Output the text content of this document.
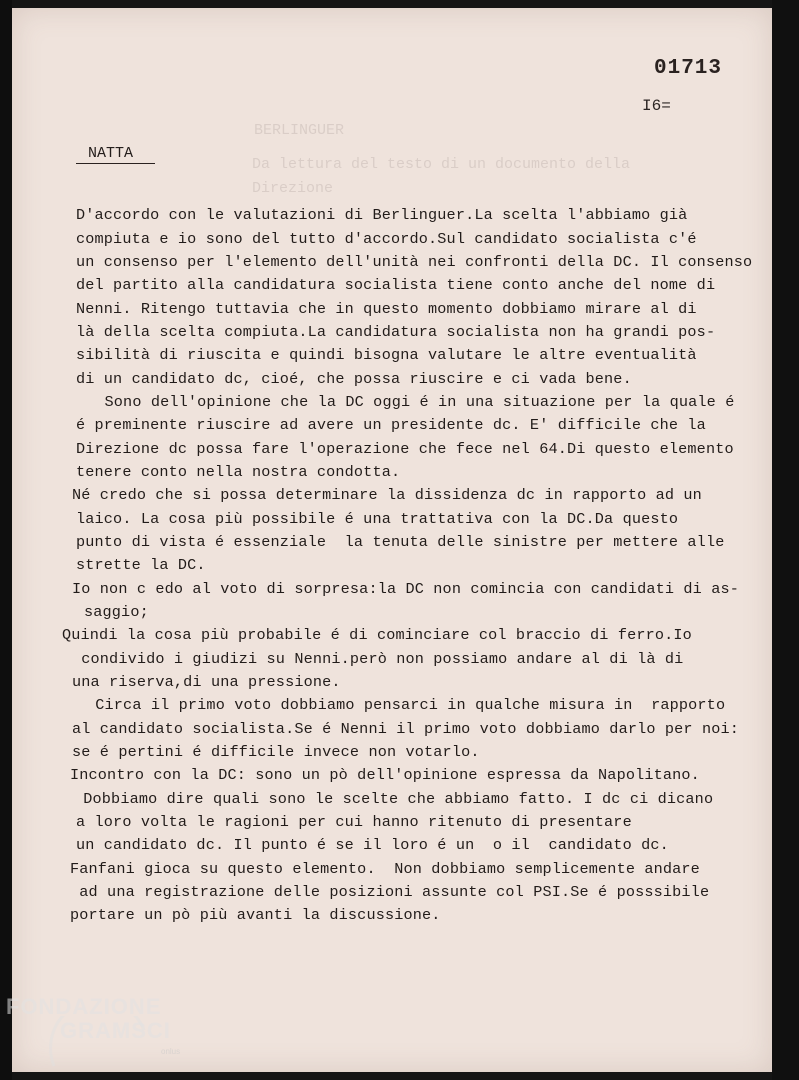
BERLINGUER
Da lettura del testo di un documento della
Direzione
01713
I6=
NATTA
D'accordo con le valutazioni di Berlinguer.La scelta l'abbiamo già
compiuta e io sono del tutto d'accordo.Sul candidato socialista c'é
un consenso per l'elemento dell'unità nei confronti della DC. Il consenso
del partito alla candidatura socialista tiene conto anche del nome di
Nenni. Ritengo tuttavia che in questo momento dobbiamo mirare al di
là della scelta compiuta.La candidatura socialista non ha grandi pos-
sibilità di riuscita e quindi bisogna valutare le altre eventualità
di un candidato dc, cioé, che possa riuscire e ci vada bene.
Sono dell'opinione che la DC oggi é in una situazione per la quale é
é preminente riuscire ad avere un presidente dc. E' difficile che la
Direzione dc possa fare l'operazione che fece nel 64.Di questo elemento
tenere conto nella nostra condotta.
Né credo che si possa determinare la dissidenza dc in rapporto ad un
laico. La cosa più possibile é una trattativa con la DC.Da questo
punto di vista é essenziale  la tenuta delle sinistre per mettere alle
strette la DC.
Io non c edo al voto di sorpresa:la DC non comincia con candidati di as-
saggio;
Quindi la cosa più probabile é di cominciare col braccio di ferro.Io
condivido i giudizi su Nenni.però non possiamo andare al di là di
una riserva,di una pressione.
Circa il primo voto dobbiamo pensarci in qualche misura in  rapporto
al candidato socialista.Se é Nenni il primo voto dobbiamo darlo per noi:
se é pertini é difficile invece non votarlo.
Incontro con la DC: sono un pò dell'opinione espressa da Napolitano.
Dobbiamo dire quali sono le scelte che abbiamo fatto. I dc ci dicano
a loro volta le ragioni per cui hanno ritenuto di presentare
un candidato dc. Il punto é se il loro é un  o il  candidato dc.
Fanfani gioca su questo elemento.  Non dobbiamo semplicemente andare
ad una registrazione delle posizioni assunte col PSI.Se é posssibile
portare un pò più avanti la discussione.
FONDAZIONE
GRAMSCI
onlus
